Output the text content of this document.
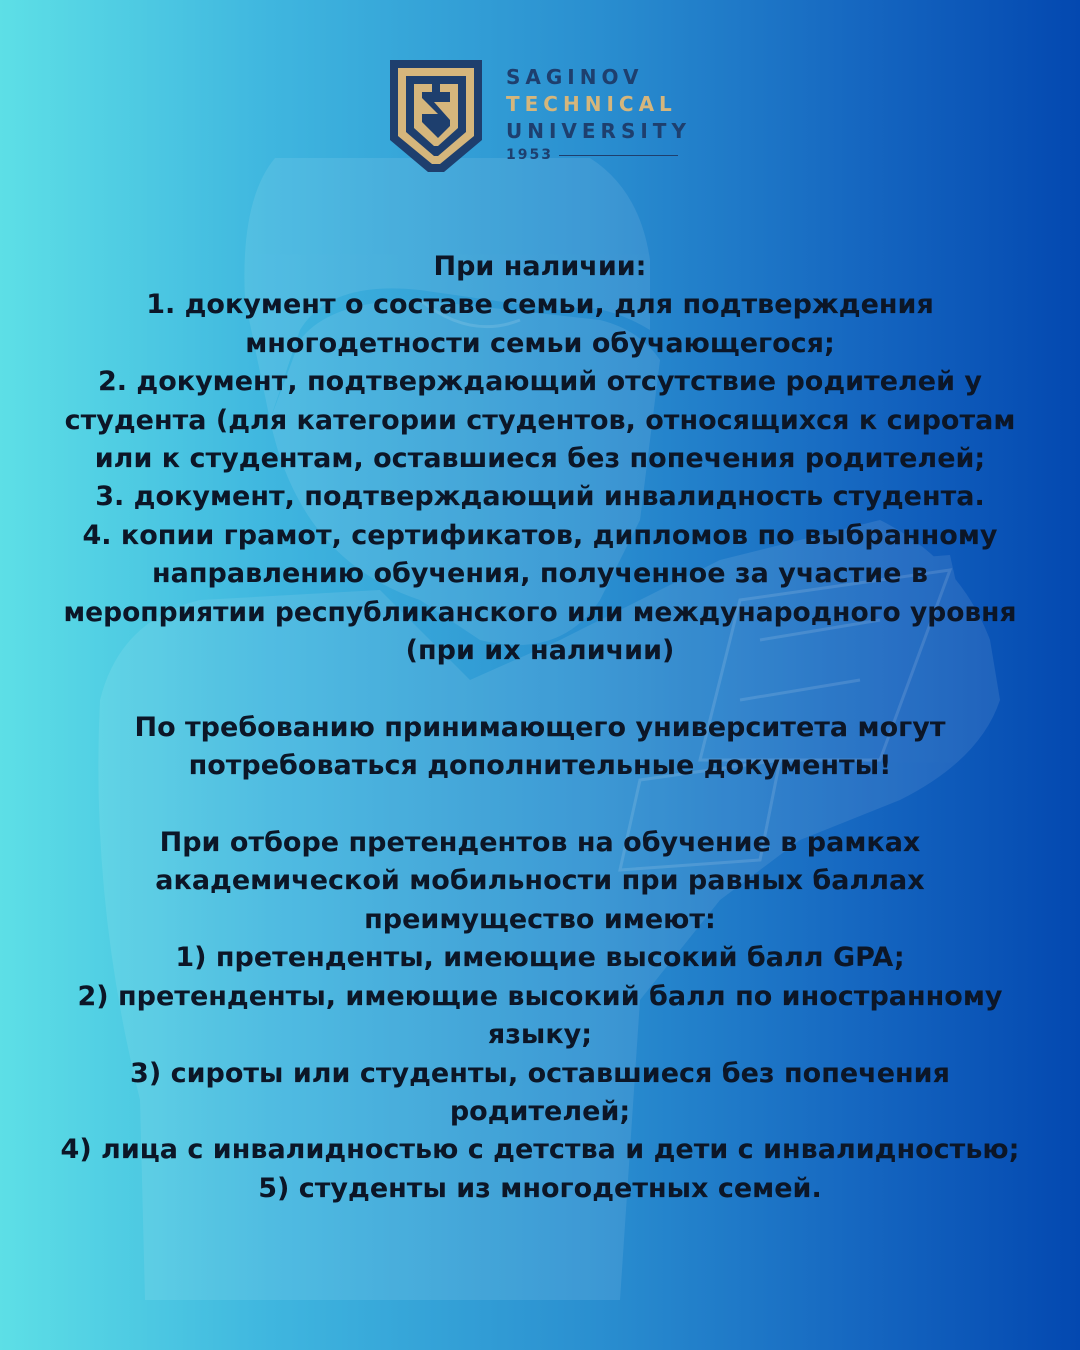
SAGINOV
TECHNICAL
UNIVERSITY
1953
При наличии:
1. документ о составе семьи, для подтверждения
многодетности семьи обучающегося;
2. документ, подтверждающий отсутствие родителей у
студента (для категории студентов, относящихся к сиротам
или к студентам, оставшиеся без попечения родителей;
3. документ, подтверждающий инвалидность студента.
4. копии грамот, сертификатов, дипломов по выбранному
направлению обучения, полученное за участие в
мероприятии республиканского или международного уровня
(при их наличии)
По требованию принимающего университета могут
потребоваться дополнительные документы!
При отборе претендентов на обучение в рамках
академической мобильности при равных баллах
преимущество имеют:
1) претенденты, имеющие высокий балл GPA;
2) претенденты, имеющие высокий балл по иностранному
языку;
3) сироты или студенты, оставшиеся без попечения
родителей;
4) лица с инвалидностью с детства и дети с инвалидностью;
5) студенты из многодетных семей.
